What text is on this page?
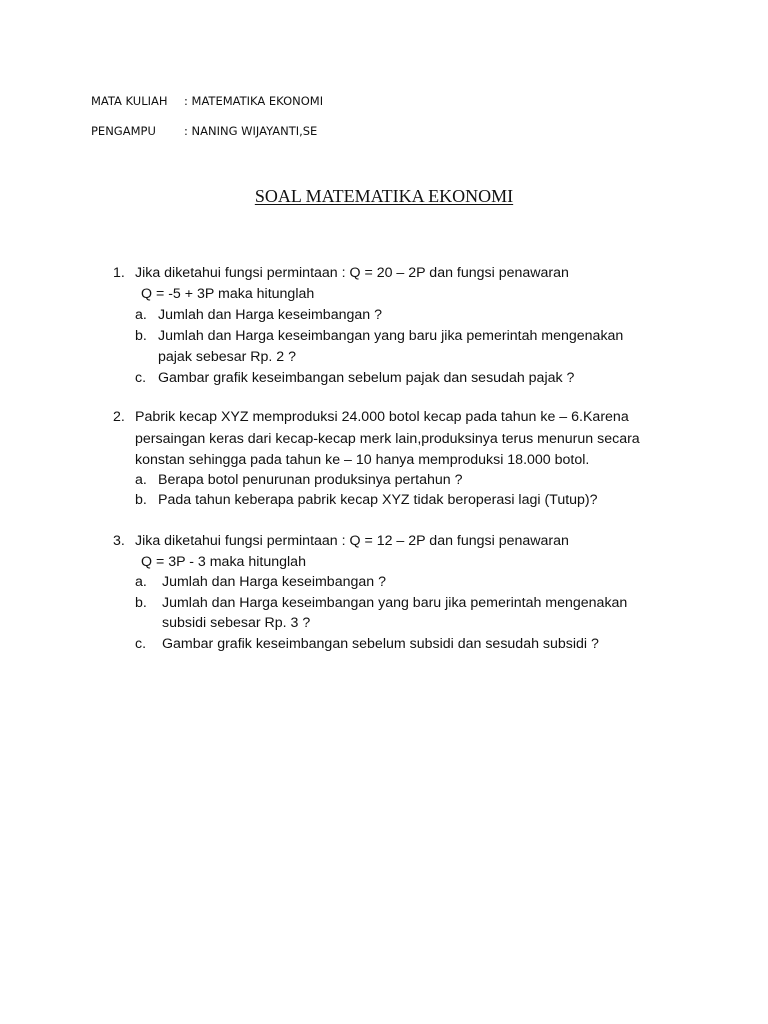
MATA KULIAH : MATEMATIKA EKONOMI
PENGAMPU : NANING WIJAYANTI,SE
SOAL MATEMATIKA EKONOMI
1. Jika diketahui fungsi permintaan : Q = 20 – 2P dan fungsi penawaran
Q = -5 + 3P maka hitunglah
a. Jumlah dan Harga keseimbangan ?
b. Jumlah dan Harga keseimbangan yang baru jika pemerintah mengenakan
pajak sebesar Rp. 2 ?
c. Gambar grafik keseimbangan sebelum pajak dan sesudah pajak ?
2. Pabrik kecap XYZ memproduksi 24.000 botol kecap pada tahun ke – 6.Karena
persaingan keras dari kecap-kecap merk lain,produksinya terus menurun secara
konstan sehingga pada tahun ke – 10 hanya memproduksi 18.000 botol.
a. Berapa botol penurunan produksinya pertahun ?
b. Pada tahun keberapa pabrik kecap XYZ tidak beroperasi lagi (Tutup)?
3. Jika diketahui fungsi permintaan : Q = 12 – 2P dan fungsi penawaran
Q = 3P - 3 maka hitunglah
a. Jumlah dan Harga keseimbangan ?
b. Jumlah dan Harga keseimbangan yang baru jika pemerintah mengenakan
subsidi sebesar Rp. 3 ?
c. Gambar grafik keseimbangan sebelum subsidi dan sesudah subsidi ?
